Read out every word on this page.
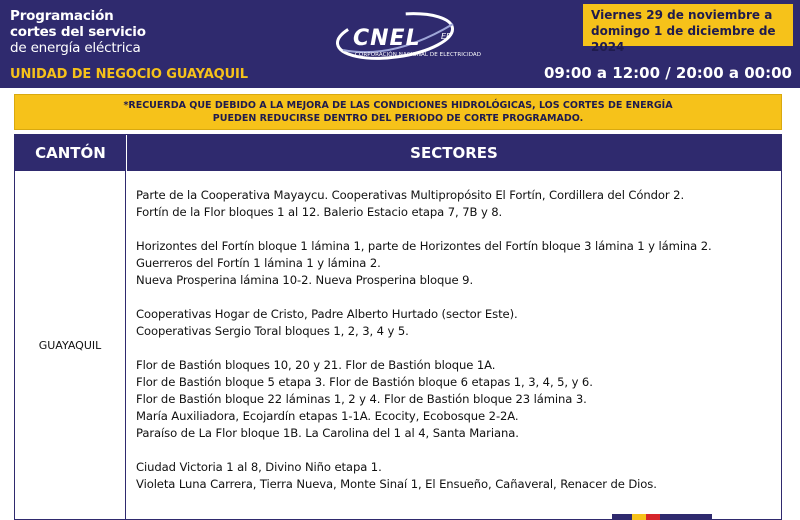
Programación
cortes del servicio
de energía eléctrica
UNIDAD DE NEGOCIO GUAYAQUIL
CNEL	EP
CORPORACIÓN NACIONAL DE ELECTRICIDAD
Viernes 29 de noviembre a
domingo 1 de diciembre de 2024
09:00 a 12:00 / 20:00 a 00:00
*RECUERDA QUE DEBIDO A LA MEJORA DE LAS CONDICIONES HIDROLÓGICAS, LOS CORTES DE ENERGÍA
PUEDEN REDUCIRSE DENTRO DEL PERIODO DE CORTE PROGRAMADO.
CANTÓN	SECTORES
GUAYAQUIL
Parte de la Cooperativa Mayaycu. Cooperativas Multipropósito El Fortín, Cordillera del Cóndor 2.
Fortín de la Flor bloques 1 al 12. Balerio Estacio etapa 7, 7B y 8.
Horizontes del Fortín bloque 1 lámina 1, parte de Horizontes del Fortín bloque 3 lámina 1 y lámina 2.
Guerreros del Fortín 1 lámina 1 y lámina 2.
Nueva Prosperina lámina 10-2. Nueva Prosperina bloque 9.
Cooperativas Hogar de Cristo, Padre Alberto Hurtado (sector Este).
Cooperativas Sergio Toral bloques 1, 2, 3, 4 y 5.
Flor de Bastión bloques 10, 20 y 21. Flor de Bastión bloque 1A.
Flor de Bastión bloque 5 etapa 3. Flor de Bastión bloque 6 etapas 1, 3, 4, 5, y 6.
Flor de Bastión bloque 22 láminas 1, 2 y 4. Flor de Bastión bloque 23 lámina 3.
María Auxiliadora, Ecojardín etapas 1-1A. Ecocity, Ecobosque 2-2A.
Paraíso de La Flor bloque 1B. La Carolina del 1 al 4, Santa Mariana.
Ciudad Victoria 1 al 8, Divino Niño etapa 1.
Violeta Luna Carrera, Tierra Nueva, Monte Sinaí 1, El Ensueño, Cañaveral, Renacer de Dios.
